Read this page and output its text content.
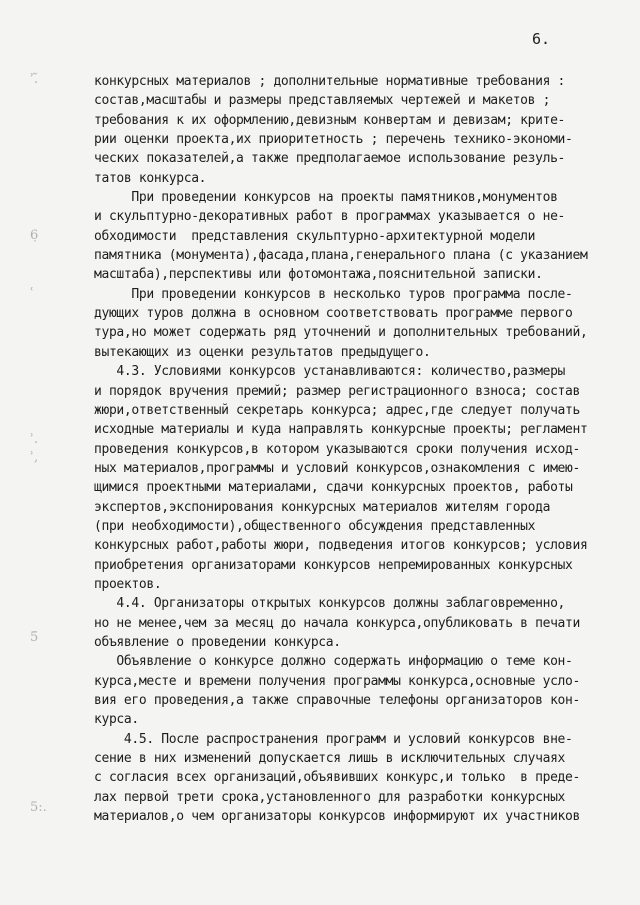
6.
ʾ.̃
6̣
ʿ
ʾ.
ʾ,
5̈
5:.
конкурсных материалов ; дополнительные нормативные требования :
состав,масштабы и размеры представляемых чертежей и макетов ;
требования к их оформлению,девизным конвертам и девизам; крите-
рии оценки проекта,их приоритетность ; перечень технико-экономи-
ческих показателей,а также предполагаемое использование резуль-
татов конкурса.
При проведении конкурсов на проекты памятников,монументов
и скульптурно-декоративных работ в программах указывается о не-
обходимости  представления скульптурно-архитектурной модели
памятника (монумента),фасада,плана,генерального плана (с указанием
масштаба),перспективы или фотомонтажа,пояснительной записки.
При проведении конкурсов в несколько туров программа после-
дующих туров должна в основном соответствовать программе первого
тура,но может содержать ряд уточнений и дополнительных требований,
вытекающих из оценки результатов предыдущего.
4.3. Условиями конкурсов устанавливаются: количество,размеры
и порядок вручения премий; размер регистрационного взноса; состав
жюри,ответственный секретарь конкурса; адрес,где следует получать
исходные материалы и куда направлять конкурсные проекты; регламент
проведения конкурсов,в котором указываются сроки получения исход-
ных материалов,программы и условий конкурсов,ознакомления с имею-
щимися проектными материалами, сдачи конкурсных проектов, работы
экспертов,экспонирования конкурсных материалов жителям города
(при необходимости),общественного обсуждения представленных
конкурсных работ,работы жюри, подведения итогов конкурсов; условия
приобретения организаторами конкурсов непремированных конкурсных
проектов.
4.4. Организаторы открытых конкурсов должны заблаговременно,
но не менее,чем за месяц до начала конкурса,опубликовать в печати
объявление о проведении конкурса.
Объявление о конкурсе должно содержать информацию о теме кон-
курса,месте и времени получения программы конкурса,основные усло-
вия его проведения,а также справочные телефоны организаторов кон-
курса.
4.5. После распространения программ и условий конкурсов вне-
сение в них изменений допускается лишь в исключительных случаях
с согласия всех организаций,объявивших конкурс,и только  в преде-
лах первой трети срока,установленного для разработки конкурсных
материалов,о чем организаторы конкурсов информируют их участников
